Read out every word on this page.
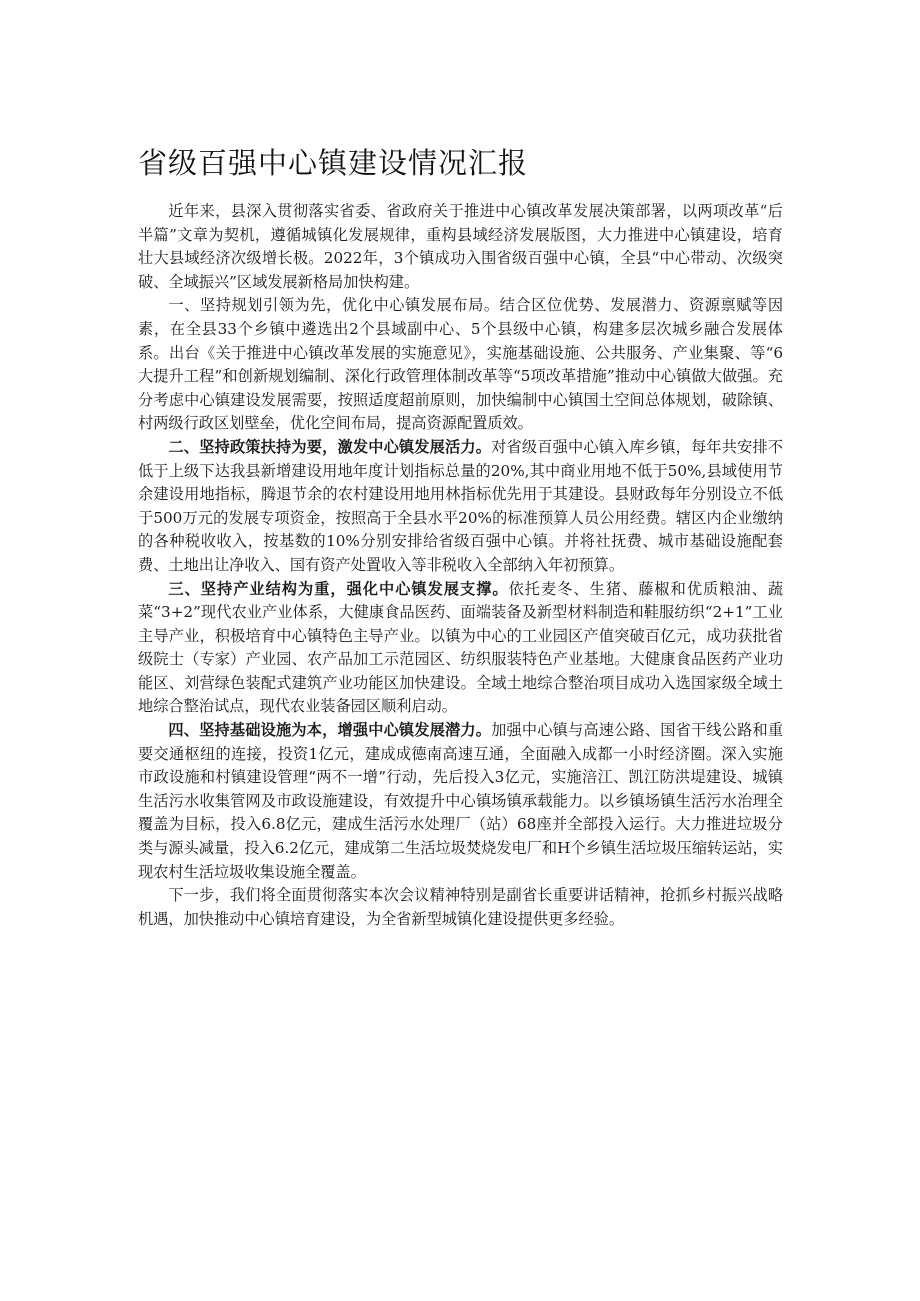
省级百强中心镇建设情况汇报

近年来，县深入贯彻落实省委、省政府关于推进中心镇改革发展决策部署，以两项改革“后半篇”文章为契机，遵循城镇化发展规律，重构县域经济发展版图，大力推进中心镇建设，培育壮大县域经济次级增长极。2022年，3个镇成功入围省级百强中心镇，全县“中心带动、次级突破、全域振兴”区域发展新格局加快构建。

一、坚持规划引领为先，优化中心镇发展布局。结合区位优势、发展潜力、资源禀赋等因素，在全县33个乡镇中遴选出2个县域副中心、5个县级中心镇，构建多层次城乡融合发展体系。出台《关于推进中心镇改革发展的实施意见》，实施基础设施、公共服务、产业集聚、等“6大提升工程”和创新规划编制、深化行政管理体制改革等“5项改革措施”推动中心镇做大做强。充分考虑中心镇建设发展需要，按照适度超前原则，加快编制中心镇国土空间总体规划，破除镇、村两级行政区划壁垒，优化空间布局，提高资源配置质效。

二、坚持政策扶持为要，激发中心镇发展活力。对省级百强中心镇入库乡镇，每年共安排不低于上级下达我县新增建设用地年度计划指标总量的20%,其中商业用地不低于50%,县域使用节余建设用地指标，腾退节余的农村建设用地用林指标优先用于其建设。县财政每年分别设立不低于500万元的发展专项资金，按照高于全县水平20%的标准预算人员公用经费。辖区内企业缴纳的各种税收收入，按基数的10%分别安排给省级百强中心镇。并将社抚费、城市基础设施配套费、土地出让净收入、国有资产处置收入等非税收入全部纳入年初预算。

三、坚持产业结构为重，强化中心镇发展支撑。依托麦冬、生猪、藤椒和优质粮油、蔬菜“3+2”现代农业产业体系，大健康食品医药、面端装备及新型材料制造和鞋服纺织“2+1”工业主导产业，积极培育中心镇特色主导产业。以镇为中心的工业园区产值突破百亿元，成功获批省级院士（专家）产业园、农产品加工示范园区、纺织服装特色产业基地。大健康食品医药产业功能区、刘营绿色装配式建筑产业功能区加快建设。全域土地综合整治项目成功入选国家级全域土地综合整治试点，现代农业装备园区顺利启动。

四、坚持基础设施为本，增强中心镇发展潜力。加强中心镇与高速公路、国省干线公路和重要交通枢纽的连接，投资1亿元，建成成德南高速互通，全面融入成都一小时经济圈。深入实施市政设施和村镇建设管理“两不一增”行动，先后投入3亿元，实施涪江、凯江防洪堤建设、城镇生活污水收集管网及市政设施建设，有效提升中心镇场镇承载能力。以乡镇场镇生活污水治理全覆盖为目标，投入6.8亿元，建成生活污水处理厂（站）68座并全部投入运行。大力推进垃圾分类与源头减量，投入6.2亿元，建成第二生活垃圾焚烧发电厂和H个乡镇生活垃圾压缩转运站，实现农村生活垃圾收集设施全覆盖。

下一步，我们将全面贯彻落实本次会议精神特别是副省长重要讲话精神，抢抓乡村振兴战略机遇，加快推动中心镇培育建设，为全省新型城镇化建设提供更多经验。
